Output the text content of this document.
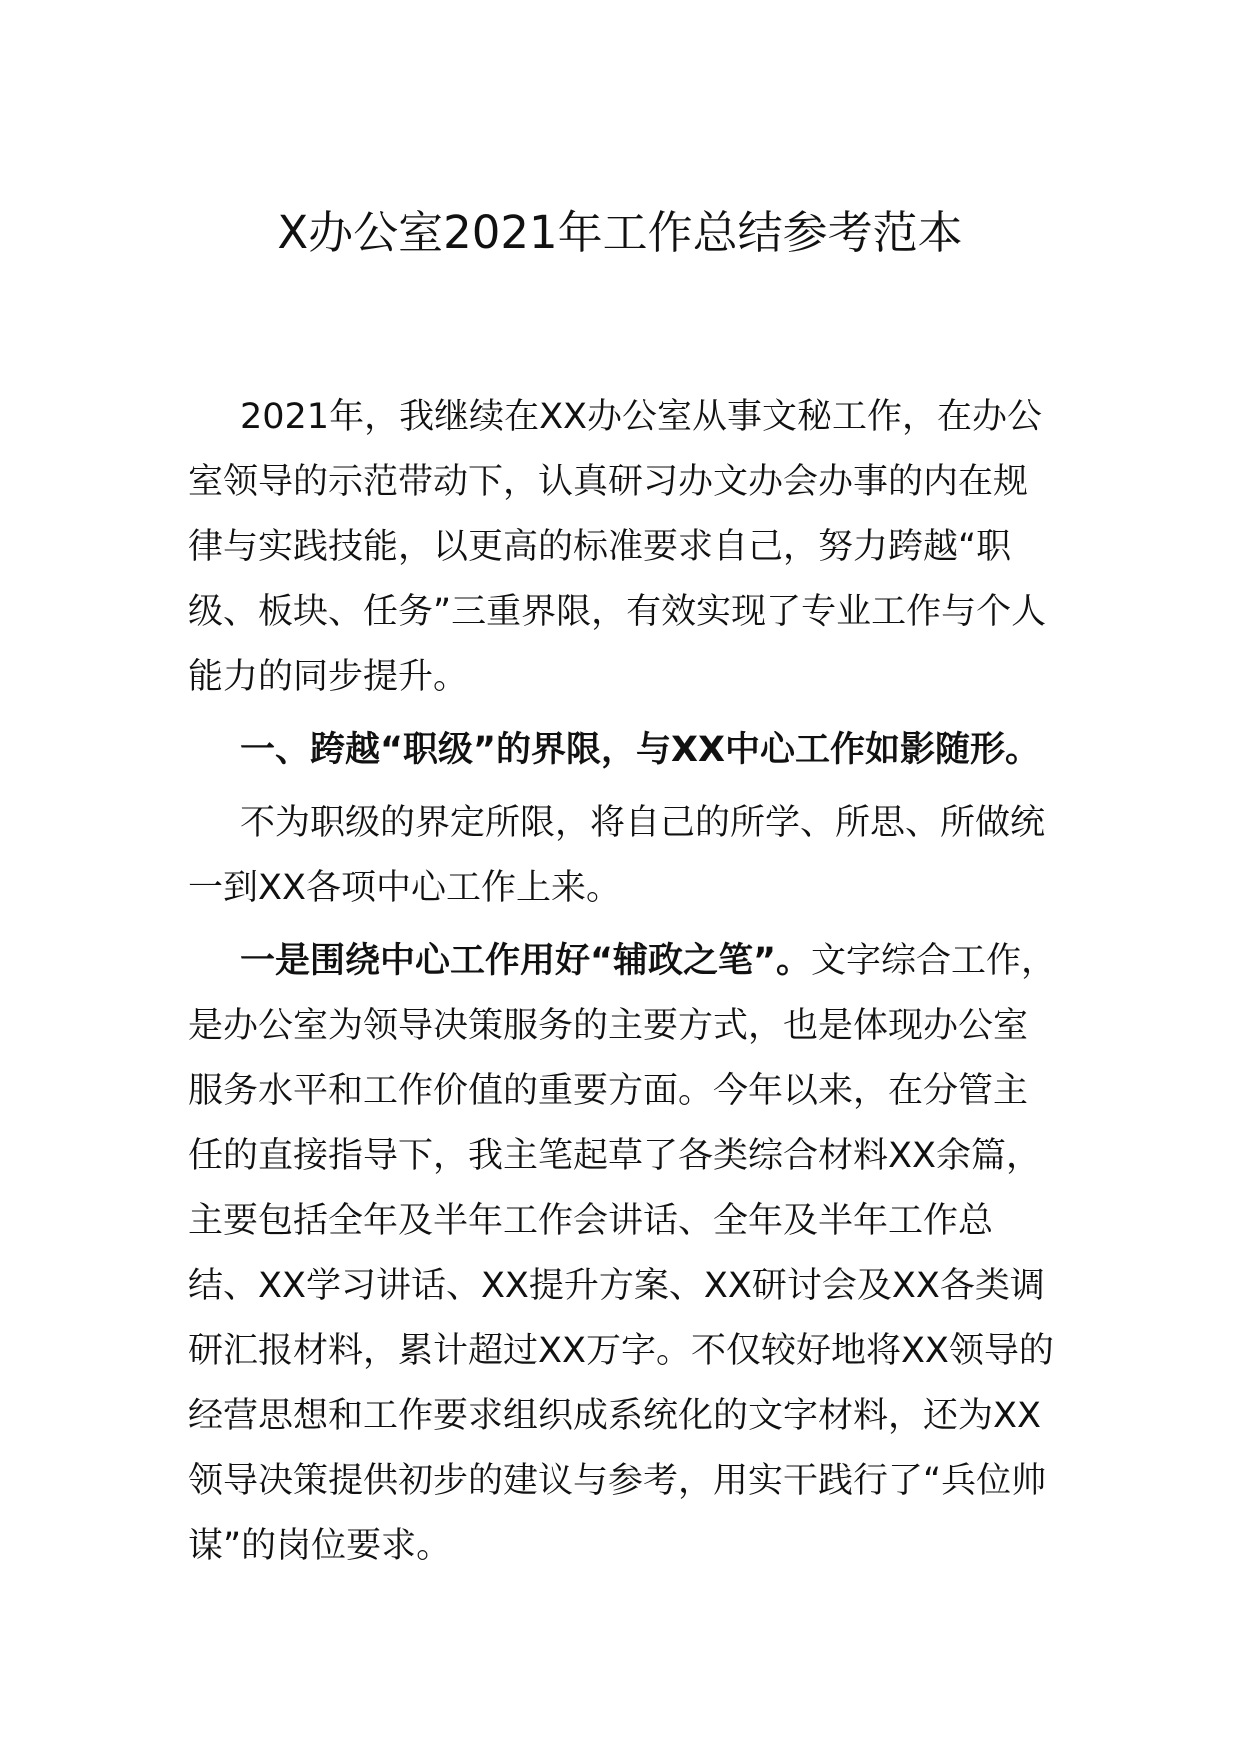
X办公室2021年工作总结参考范本

2021年，我继续在XX办公室从事文秘工作，在办公室领导的示范带动下，认真研习办文办会办事的内在规律与实践技能，以更高的标准要求自己，努力跨越“职级、板块、任务”三重界限，有效实现了专业工作与个人能力的同步提升。

一、跨越“职级”的界限，与XX中心工作如影随形。

不为职级的界定所限，将自己的所学、所思、所做统一到XX各项中心工作上来。

一是围绕中心工作用好“辅政之笔”。文字综合工作，是办公室为领导决策服务的主要方式，也是体现办公室服务水平和工作价值的重要方面。今年以来，在分管主任的直接指导下，我主笔起草了各类综合材料XX余篇，主要包括全年及半年工作会讲话、全年及半年工作总结、XX学习讲话、XX提升方案、XX研讨会及XX各类调研汇报材料，累计超过XX万字。不仅较好地将XX领导的经营思想和工作要求组织成系统化的文字材料，还为XX领导决策提供初步的建议与参考，用实干践行了“兵位帅谋”的岗位要求。
